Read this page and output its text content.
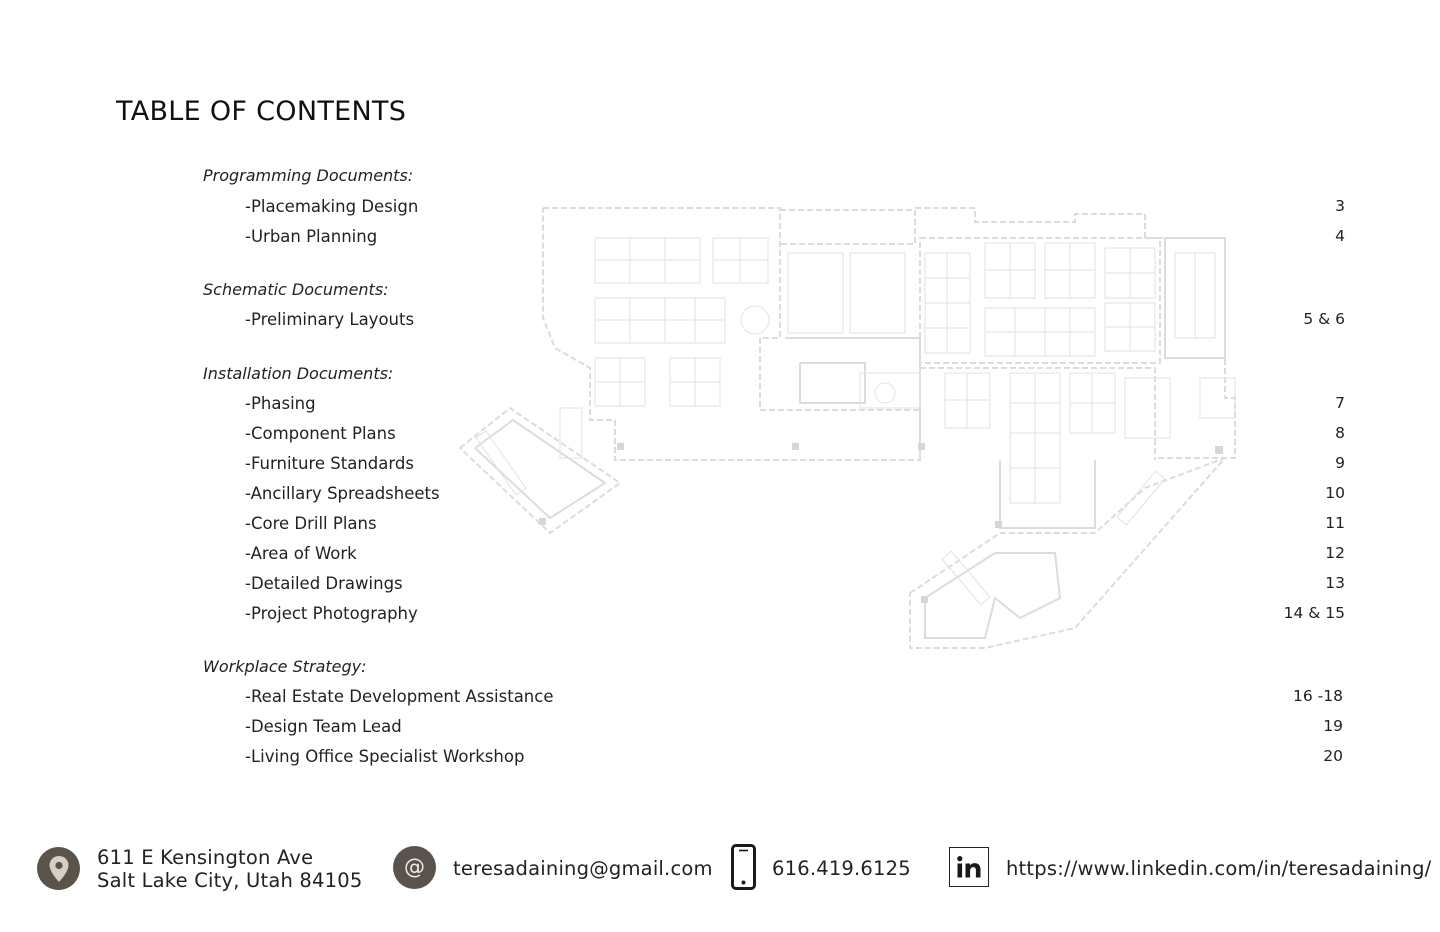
TABLE OF CONTENTS
Programming Documents:
-Placemaking Design	3
-Urban Planning	4
Schematic Documents:
-Preliminary Layouts	5 & 6
Installation Documents:
-Phasing	7
-Component Plans	8
-Furniture Standards	9
-Ancillary Spreadsheets	10
-Core Drill Plans	11
-Area of Work	12
-Detailed Drawings	13
-Project Photography	14 & 15
Workplace Strategy:
-Real Estate Development Assistance	16 -18
-Design Team Lead	19
-Living Office Specialist Workshop	20
611 E Kensington Ave
Salt Lake City, Utah 84105
@ teresadaining@gmail.com	616.419.6125	https://www.linkedin.com/in/teresadaining/
